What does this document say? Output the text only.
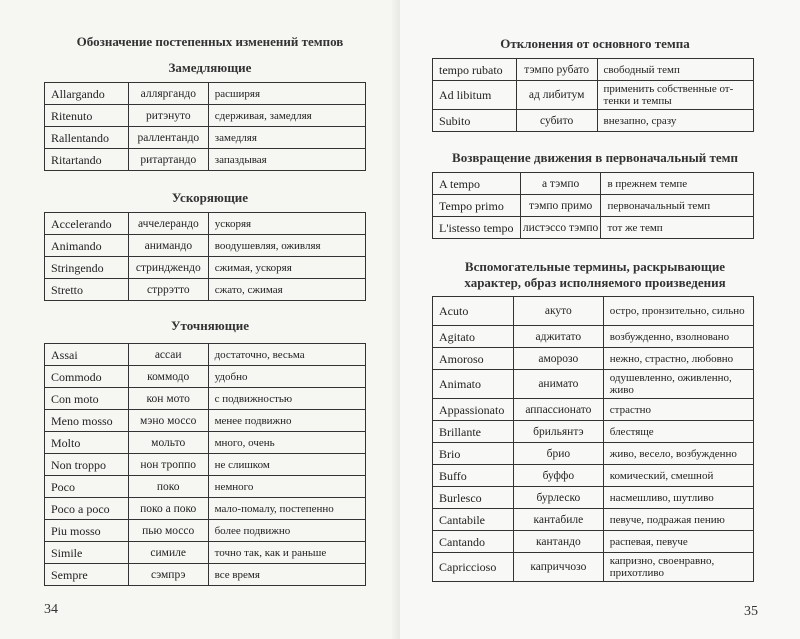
Обозначение постепенных изменений темпов
Замедляющие
Allargando	алляргандо	расширяя
Ritenuto	ритэнуто	сдерживая, замедляя
Rallentando	раллентандо	замедляя
Ritartando	ритартандо	запаздывая
Ускоряющие
Accelerando	аччелерандо	ускоряя
Animando	анимандо	воодушевляя, оживляя
Stringendo	стринджендо	сжимая, ускоряя
Stretto	стррэтто	сжато, сжимая
Уточняющие
Assai	ассаи	достаточно, весьма
Commodo	коммодо	удобно
Con moto	кон мото	с подвижностью
Meno mosso	мэно моссо	менее подвижно
Molto	мольто	много, очень
Non troppo	нон троппо	не слишком
Poco	поко	немного
Poco a poco	поко а поко	мало-помалу, постепенно
Piu mosso	пью моссо	более подвижно
Simile	симиле	точно так, как и раньше
Sempre	сэмпрэ	все время
34
Отклонения от основного темпа
tempo rubato	тэмпо рубато	свободный темп
Ad libitum	ад либитум	применить собственные от-тенки и темпы
Subito	субито	внезапно, сразу
Возвращение движения в первоначальный темп
A tempo	а тэмпо	в прежнем темпе
Tempo primo	тэмпо примо	первоначальный темп
L'istesso tempo	листэссо тэмпо	тот же темп
Вспомогательные термины, раскрывающие характер, образ исполняемого произведения
Acuto	акуто	остро, пронзительно, сильно
Agitato	аджитато	возбужденно, взолновано
Amoroso	аморозо	нежно, страстно, любовно
Animato	анимато	одушевленно, оживленно, живо
Appassionato	аппассионато	страстно
Brillante	брильянтэ	блестяще
Brio	брио	живо, весело, возбужденно
Buffo	буффо	комический, смешной
Burlesco	бурлеско	насмешливо, шутливо
Cantabile	кантабиле	певуче, подражая пению
Cantando	кантандо	распевая, певуче
Capriccioso	каприччозо	капризно, своенравно, прихотливо
35
